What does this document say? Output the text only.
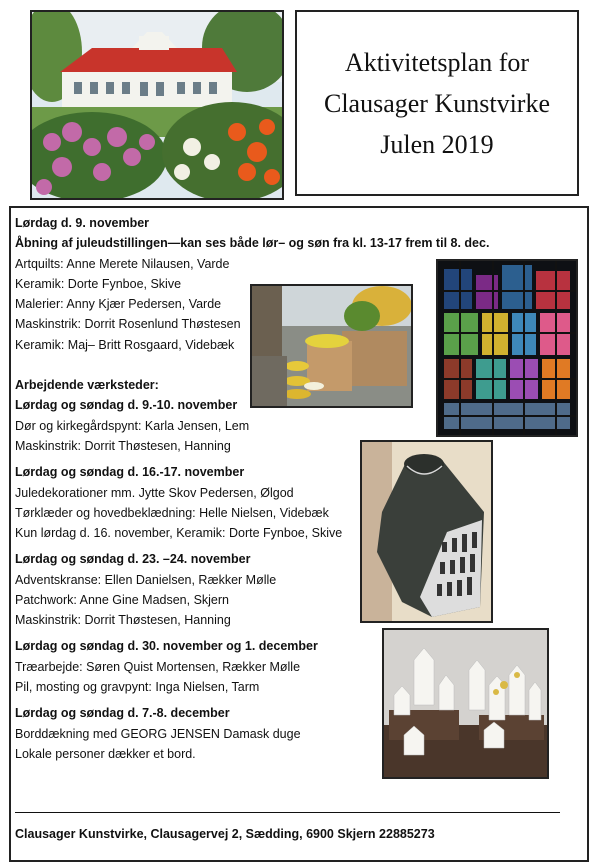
Aktivitetsplan for
Clausager Kunstvirke
Julen 2019
Lørdag d. 9. november
Åbning af juleudstillingen—kan ses både lør– og søn fra kl. 13-17 frem til 8. dec.
Artquilts: Anne Merete Nilausen, Varde
Keramik: Dorte Fynboe, Skive
Malerier: Anny Kjær Pedersen, Varde
Maskinstrik: Dorrit Rosenlund Thøstesen
Keramik: Maj– Britt Rosgaard, Videbæk
Arbejdende værksteder:
Lørdag og søndag d. 9.-10. november
Dør og kirkegårdspynt: Karla Jensen, Lem
Maskinstrik: Dorrit Thøstesen, Hanning
Lørdag og søndag d. 16.-17. november
Juledekorationer mm. Jytte Skov Pedersen, Ølgod
Tørklæder og hovedbeklædning: Helle Nielsen, Videbæk
Kun lørdag d. 16. november, Keramik: Dorte Fynboe, Skive
Lørdag og søndag d. 23. –24. november
Adventskranse: Ellen Danielsen, Rækker Mølle
Patchwork: Anne Gine Madsen, Skjern
Maskinstrik: Dorrit Thøstesen, Hanning
Lørdag og søndag d. 30. november og 1. december
Træarbejde: Søren Quist Mortensen, Rækker Mølle
Pil, mosting og gravpynt: Inga Nielsen, Tarm
Lørdag og søndag d. 7.-8. december
Borddækning med GEORG JENSEN Damask duge
Lokale personer dækker et bord.
Clausager Kunstvirke, Clausagervej 2, Sædding, 6900 Skjern 22885273
